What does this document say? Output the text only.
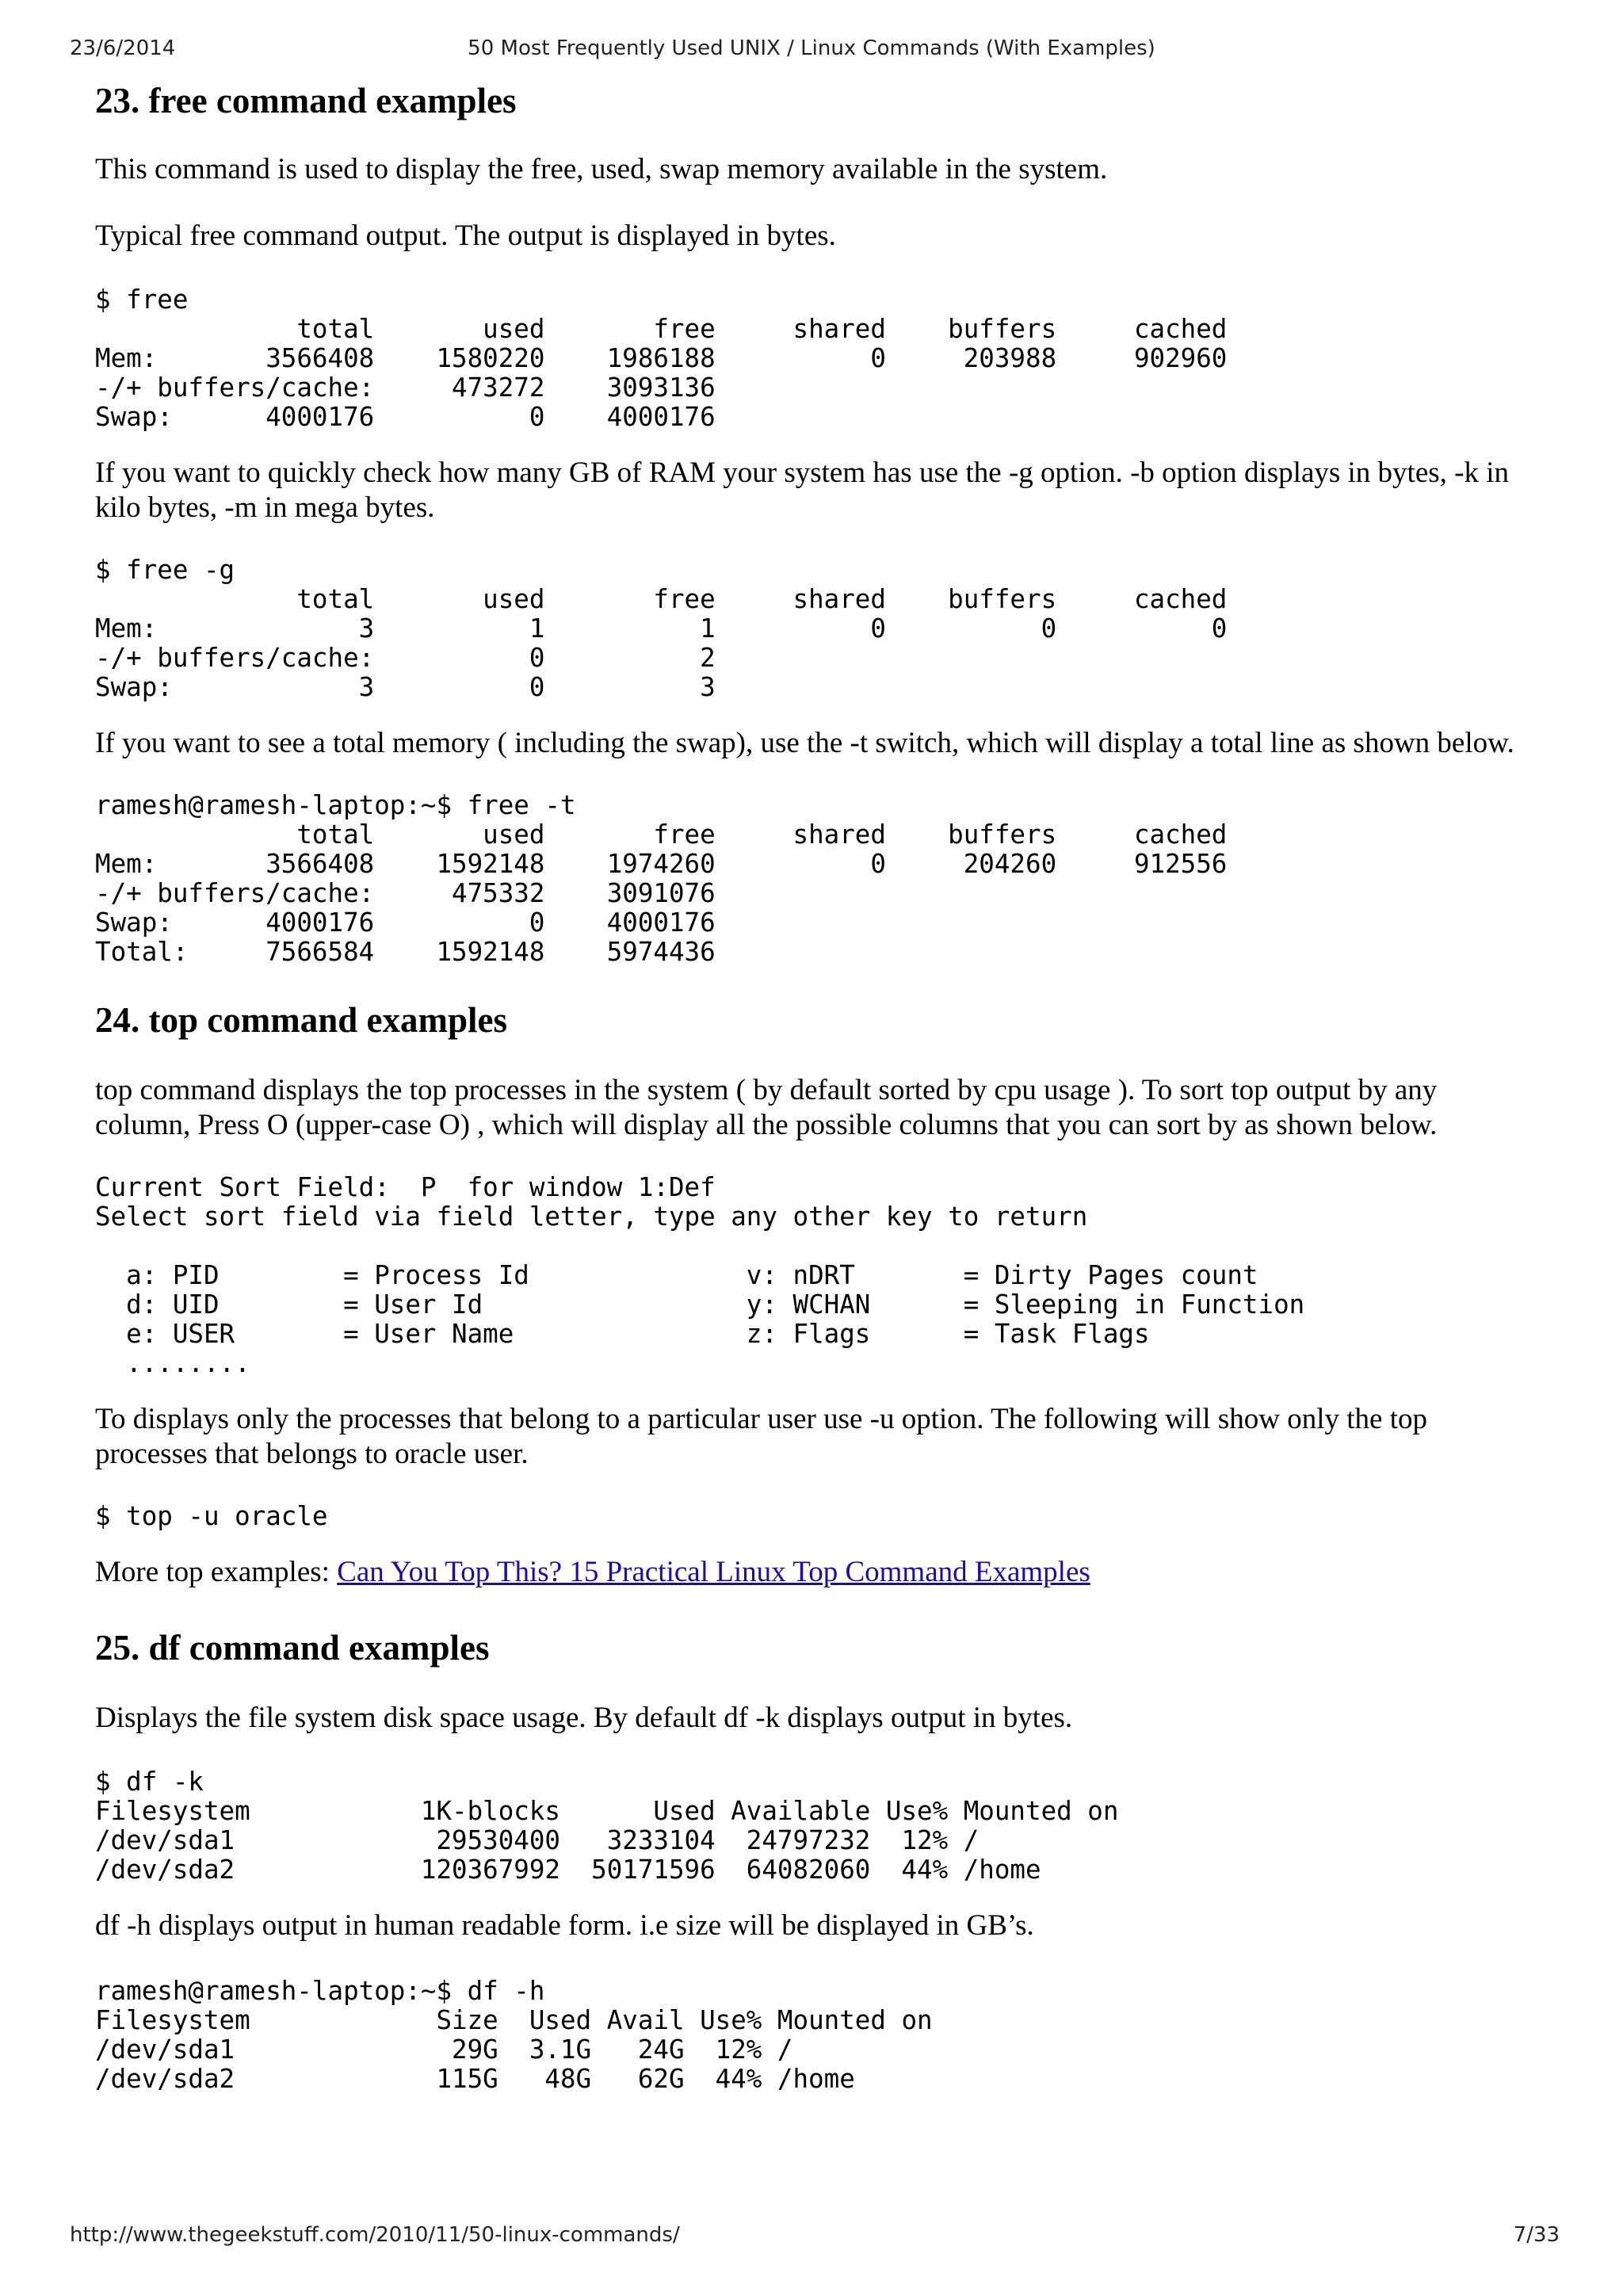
23/6/2014	50 Most Frequently Used UNIX / Linux Commands (With Examples)
23. free command examples

This command is used to display the free, used, swap memory available in the system.

Typical free command output. The output is displayed in bytes.

$ free
total       used       free     shared    buffers     cached
Mem:       3566408    1580220    1986188          0     203988     902960
-/+ buffers/cache:     473272    3093136
Swap:      4000176          0    4000176

If you want to quickly check how many GB of RAM your system has use the -g option. -b option displays in bytes, -k in kilo bytes, -m in mega bytes.

$ free -g
total       used       free     shared    buffers     cached
Mem:             3          1          1          0          0          0
-/+ buffers/cache:          0          2
Swap:            3          0          3

If you want to see a total memory ( including the swap), use the -t switch, which will display a total line as shown below.

ramesh@ramesh-laptop:~$ free -t
total       used       free     shared    buffers     cached
Mem:       3566408    1592148    1974260          0     204260     912556
-/+ buffers/cache:     475332    3091076
Swap:      4000176          0    4000176
Total:     7566584    1592148    5974436
24. top command examples

top command displays the top processes in the system ( by default sorted by cpu usage ). To sort top output by any column, Press O (upper-case O) , which will display all the possible columns that you can sort by as shown below.

Current Sort Field:  P  for window 1:Def
Select sort field via field letter, type any other key to return

a: PID        = Process Id              v: nDRT       = Dirty Pages count
d: UID        = User Id                 y: WCHAN      = Sleeping in Function
e: USER       = User Name               z: Flags      = Task Flags
........

To displays only the processes that belong to a particular user use -u option. The following will show only the top processes that belongs to oracle user.

$ top -u oracle

More top examples: Can You Top This? 15 Practical Linux Top Command Examples

25. df command examples

Displays the file system disk space usage. By default df -k displays output in bytes.

$ df -k
Filesystem           1K-blocks      Used Available Use% Mounted on
/dev/sda1             29530400   3233104  24797232  12% /
/dev/sda2            120367992  50171596  64082060  44% /home

df -h displays output in human readable form. i.e size will be displayed in GB’s.

ramesh@ramesh-laptop:~$ df -h
Filesystem            Size  Used Avail Use% Mounted on
/dev/sda1              29G  3.1G   24G  12% /
/dev/sda2             115G   48G   62G  44% /home
http://www.thegeekstuff.com/2010/11/50-linux-commands/	7/33
